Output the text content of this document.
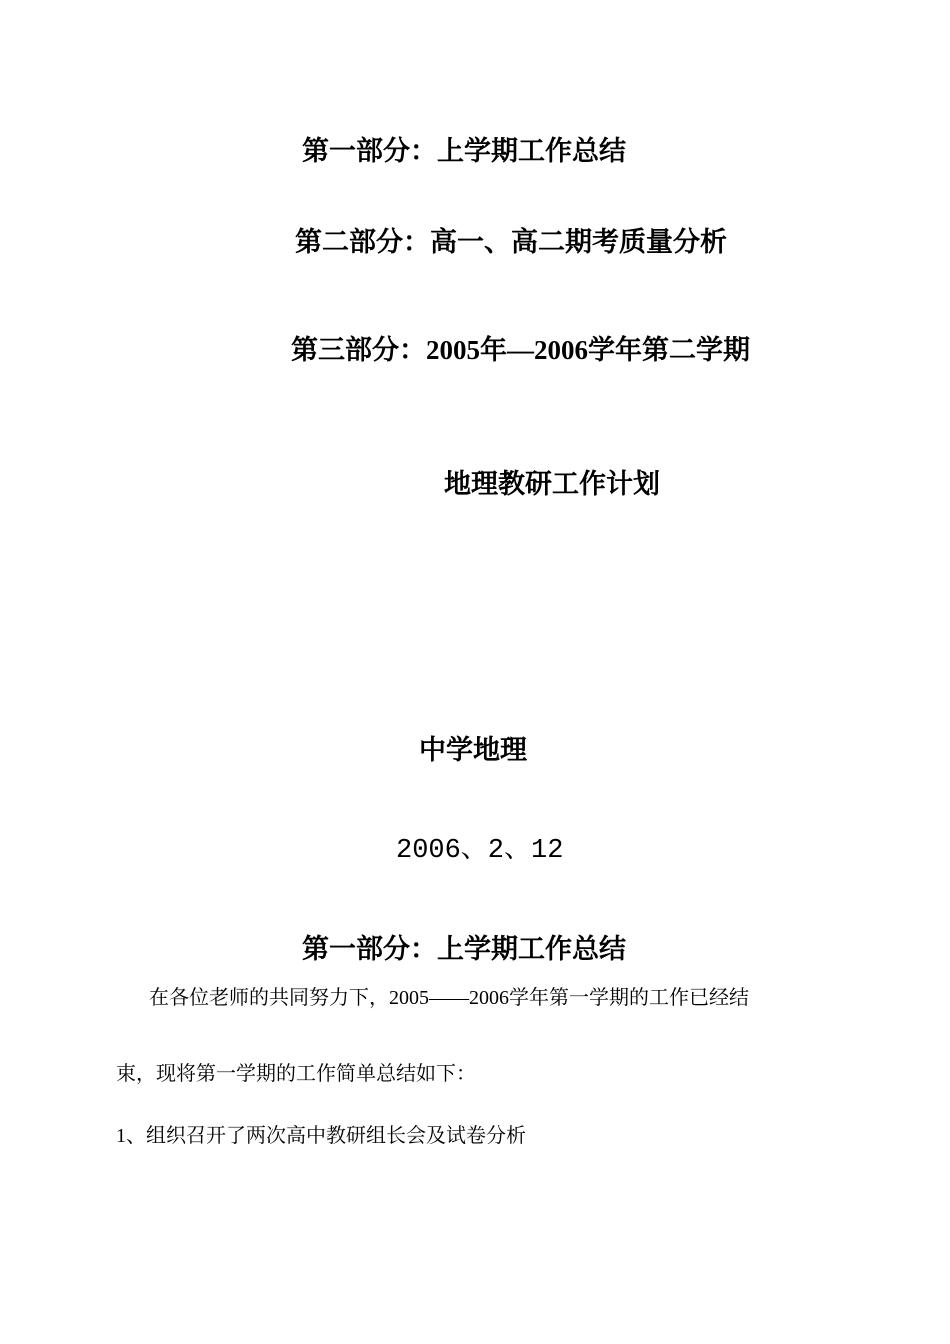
第一部分：上学期工作总结
第二部分：高一、高二期考质量分析
第三部分：2005年—2006学年第二学期
地理教研工作计划
中学地理
2006、2、12
第一部分：上学期工作总结
在各位老师的共同努力下，2005——2006学年第一学期的工作已经结
束，现将第一学期的工作简单总结如下：
1、组织召开了两次高中教研组长会及试卷分析
